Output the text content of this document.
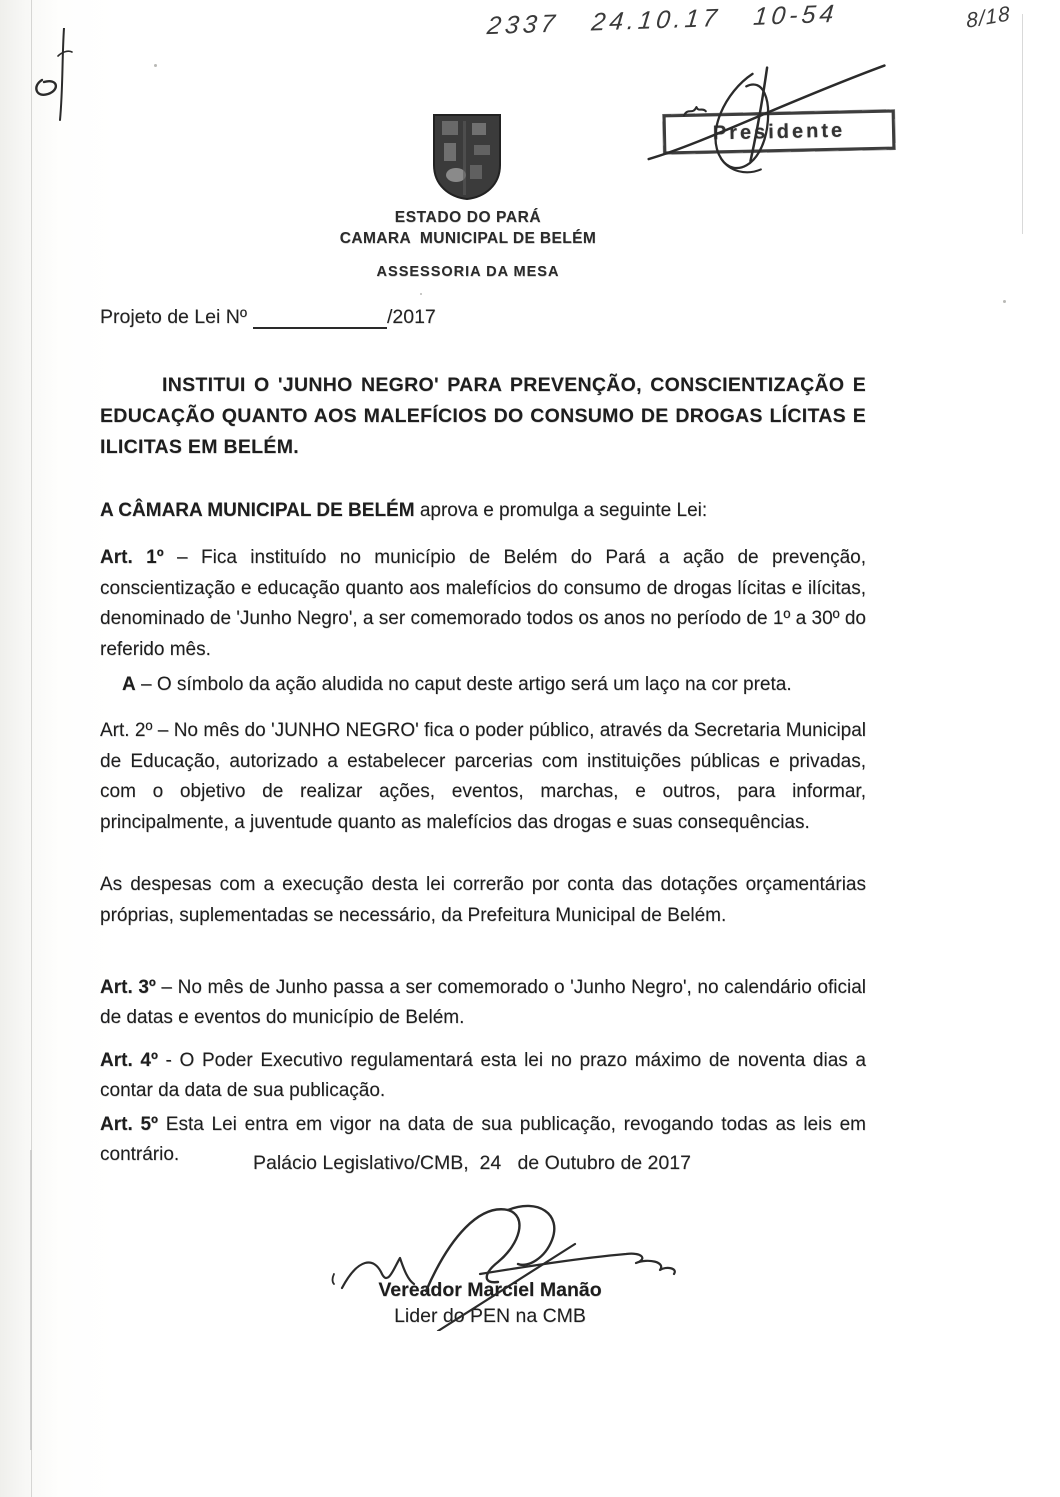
2337   24.10.17   10-54	8/18
Presidente
ESTADO DO PARÁ
CAMARA  MUNICIPAL DE BELÉM
ASSESSORIA DA MESA
Projeto de Lei Nº	/2017

INSTITUI O 'JUNHO NEGRO' PARA PREVENÇÃO, CONSCIENTIZAÇÃO E EDUCAÇÃO QUANTO AOS MALEFÍCIOS DO CONSUMO DE DROGAS LÍCITAS E ILICITAS EM BELÉM.

A CÂMARA MUNICIPAL DE BELÉM aprova e promulga a seguinte Lei:

Art. 1º – Fica instituído no município de Belém do Pará a ação de prevenção, conscientização e educação quanto aos malefícios do consumo de drogas lícitas e ilícitas, denominado de 'Junho Negro', a ser comemorado todos os anos no período de 1º a 30º do referido mês.

A – O símbolo da ação aludida no caput deste artigo será um laço na cor preta.

Art. 2º – No mês do 'JUNHO NEGRO' fica o poder público, através da Secretaria Municipal de Educação, autorizado a estabelecer parcerias com instituições públicas e privadas, com o objetivo de realizar ações, eventos, marchas, e outros, para informar, principalmente, a juventude quanto as malefícios das drogas e suas consequências.

As despesas com a execução desta lei correrão por conta das dotações orçamentárias próprias, suplementadas se necessário, da Prefeitura Municipal de Belém.

Art. 3º – No mês de Junho passa a ser comemorado o 'Junho Negro', no calendário oficial de datas e eventos do município de Belém.

Art. 4º - O Poder Executivo regulamentará esta lei no prazo máximo de noventa dias a contar da data de sua publicação.

Art. 5º Esta Lei entra em vigor na data de sua publicação, revogando todas as leis em contrário.	Palácio Legislativo/CMB,  24   de Outubro de 2017
Vereador Marciel Manão
Lider do PEN na CMB
